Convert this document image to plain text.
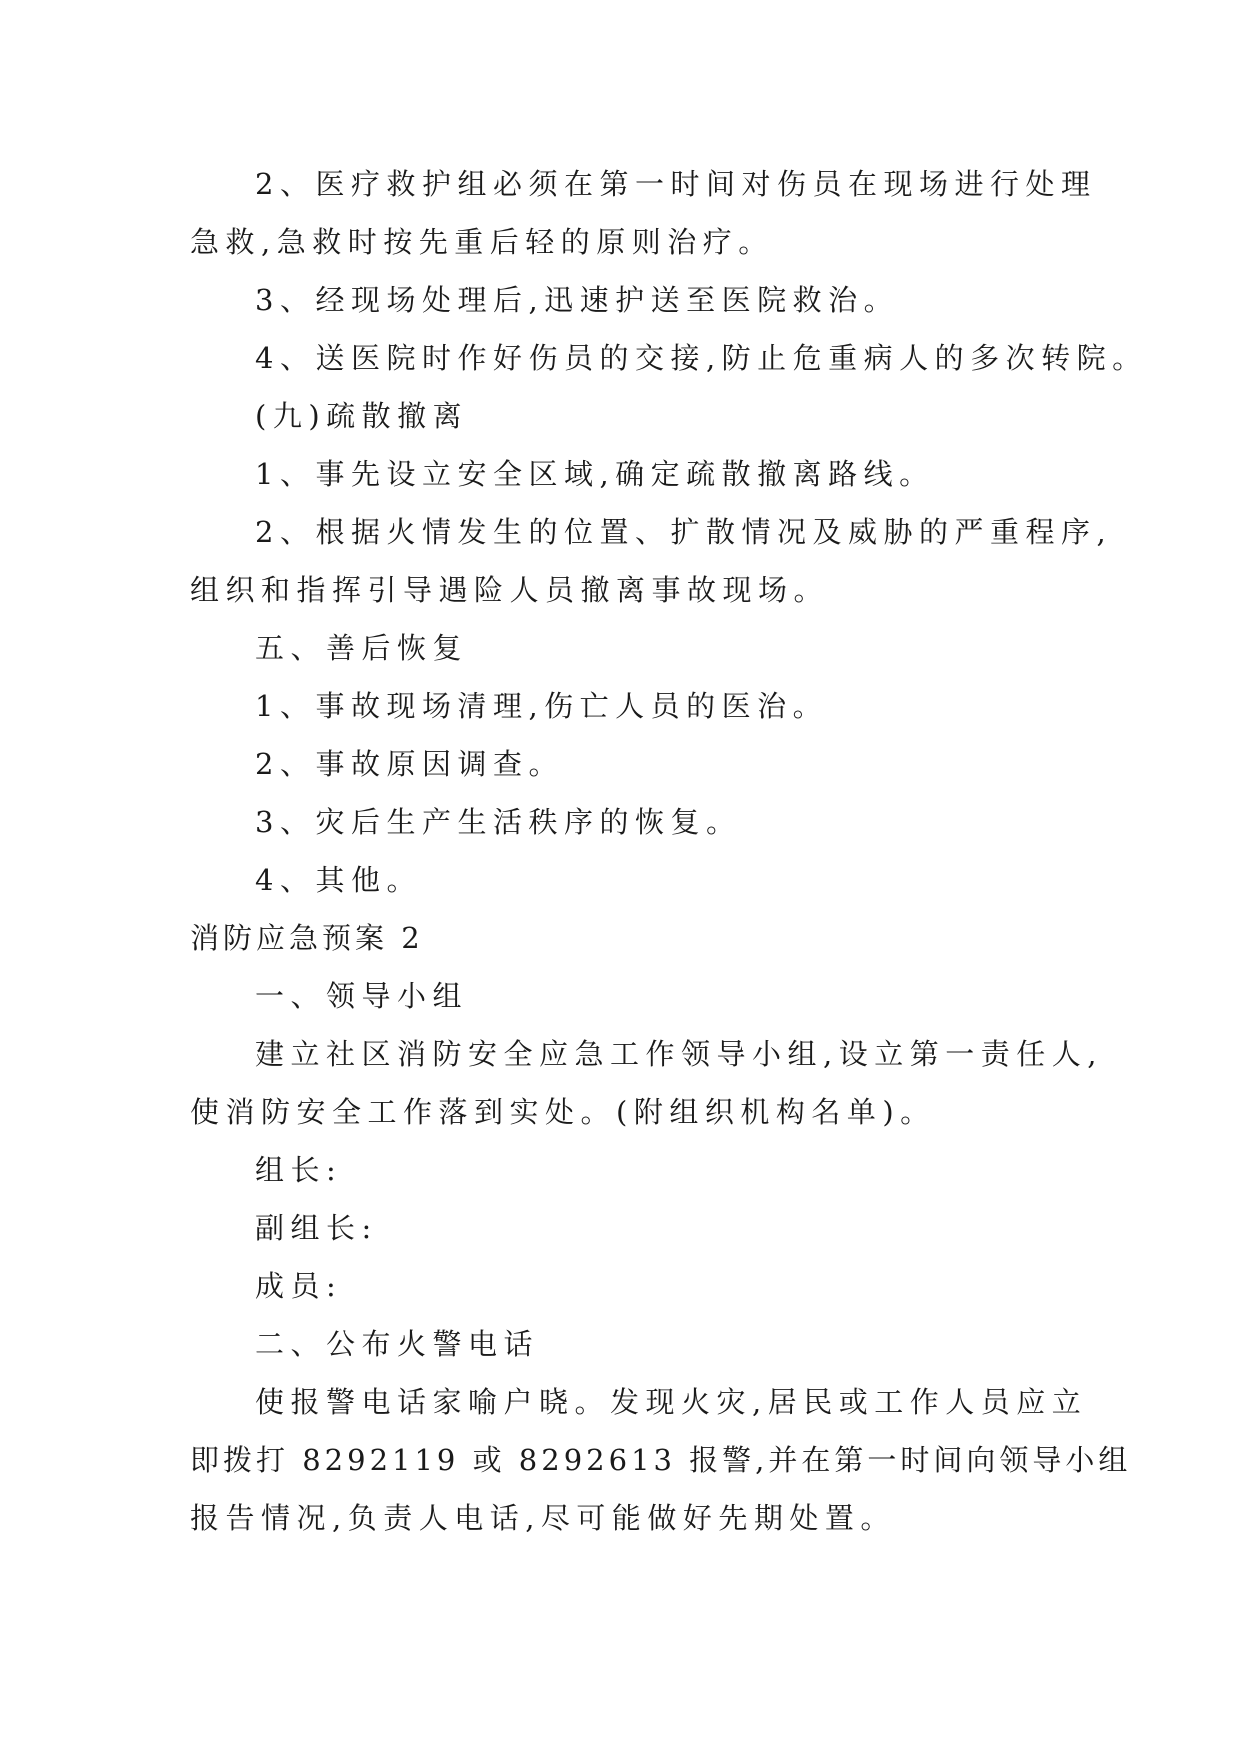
2、医疗救护组必须在第一时间对伤员在现场进行处理
急救,急救时按先重后轻的原则治疗。
3、经现场处理后,迅速护送至医院救治。
4、送医院时作好伤员的交接,防止危重病人的多次转院。
(九)疏散撤离
1、事先设立安全区域,确定疏散撤离路线。
2、根据火情发生的位置、扩散情况及威胁的严重程序,
组织和指挥引导遇险人员撤离事故现场。
五、善后恢复
1、事故现场清理,伤亡人员的医治。
2、事故原因调查。
3、灾后生产生活秩序的恢复。
4、其他。
消防应急预案 2
一、领导小组
建立社区消防安全应急工作领导小组,设立第一责任人,
使消防安全工作落到实处。(附组织机构名单)。
组长:
副组长:
成员:
二、公布火警电话
使报警电话家喻户晓。发现火灾,居民或工作人员应立
即拨打 8292119 或 8292613 报警,并在第一时间向领导小组
报告情况,负责人电话,尽可能做好先期处置。
